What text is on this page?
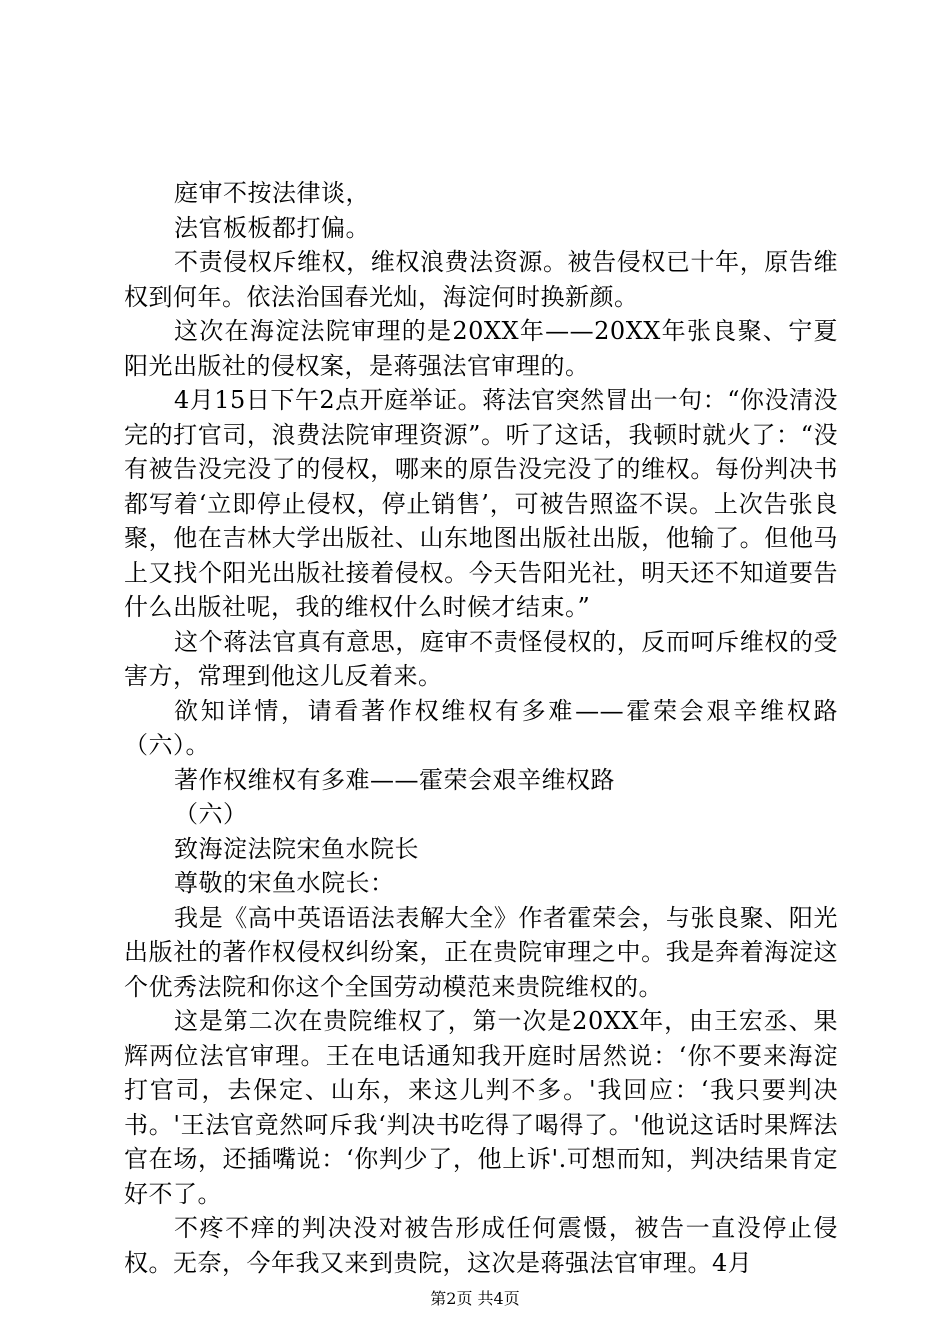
庭审不按法律谈，

法官板板都打偏。

不责侵权斥维权，维权浪费法资源。被告侵权已十年，原告维权到何年。依法治国春光灿，海淀何时换新颜。

这次在海淀法院审理的是20XX年——20XX年张良聚、宁夏阳光出版社的侵权案，是蒋强法官审理的。

4月15日下午2点开庭举证。蒋法官突然冒出一句：“你没清没完的打官司，浪费法院审理资源”。听了这话，我顿时就火了：“没有被告没完没了的侵权，哪来的原告没完没了的维权。每份判决书都写着‘立即停止侵权，停止销售’，可被告照盗不误。上次告张良聚，他在吉林大学出版社、山东地图出版社出版，他输了。但他马上又找个阳光出版社接着侵权。今天告阳光社，明天还不知道要告什么出版社呢，我的维权什么时候才结束。”

这个蒋法官真有意思，庭审不责怪侵权的，反而呵斥维权的受害方，常理到他这儿反着来。

欲知详情，请看著作权维权有多难——霍荣会艰辛维权路（六）。

著作权维权有多难——霍荣会艰辛维权路

（六）

致海淀法院宋鱼水院长

尊敬的宋鱼水院长：

我是《高中英语语法表解大全》作者霍荣会，与张良聚、阳光出版社的著作权侵权纠纷案，正在贵院审理之中。我是奔着海淀这个优秀法院和你这个全国劳动模范来贵院维权的。

这是第二次在贵院维权了，第一次是20XX年，由王宏丞、果辉两位法官审理。王在电话通知我开庭时居然说：‘你不要来海淀打官司，去保定、山东，来这儿判不多。'我回应：‘我只要判决书。'王法官竟然呵斥我‘判决书吃得了喝得了。'他说这话时果辉法官在场，还插嘴说：‘你判少了，他上诉'.可想而知，判决结果肯定好不了。

不疼不痒的判决没对被告形成任何震慑，被告一直没停止侵权。无奈，今年我又来到贵院，这次是蒋强法官审理。4月

第2页 共4页
